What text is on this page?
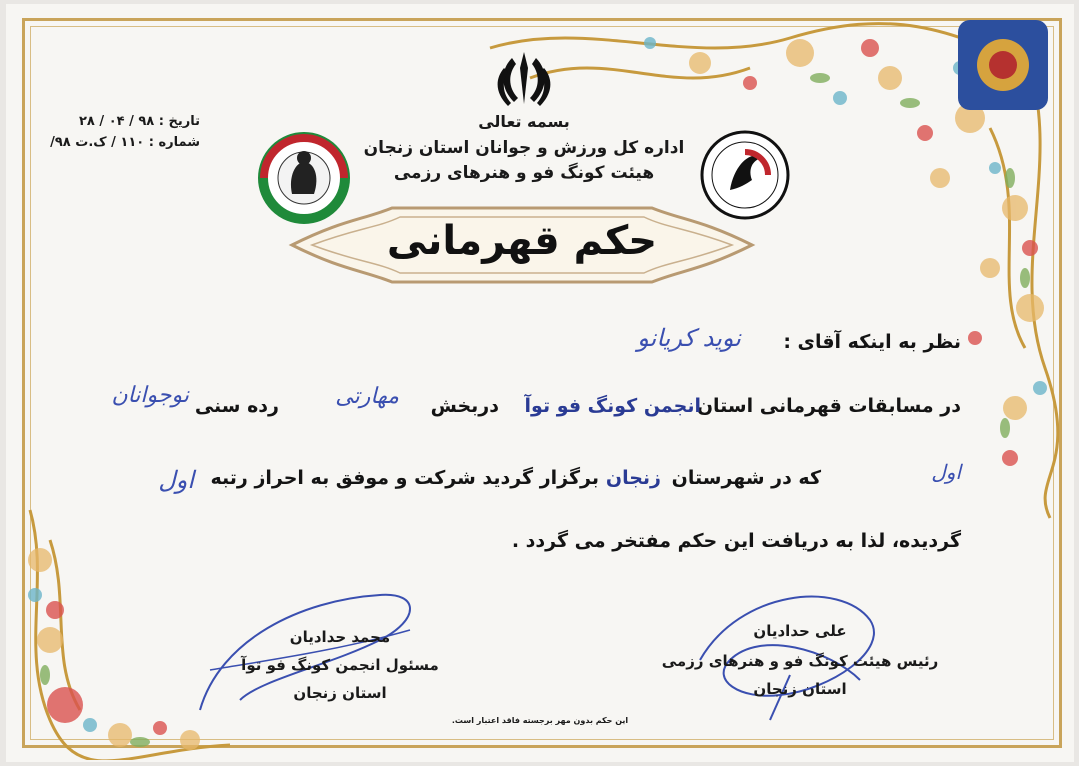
بسمه تعالی
اداره کل ورزش و جوانان استان زنجان
هیئت کونگ فو و هنرهای رزمی
تاریخ : ۹۸ / ۰۴ / ۲۸
شماره : ۱۱۰ / ک.ت ۹۸/
حکم قهرمانی
نظر به اینکه آقای :
نوید کریانو
در مسابقات قهرمانی استان
انجمن کونگ فو توآ
دربخش
مهارتی
رده سنی
نوجوانان
اول
که در شهرستان
زنجان
برگزار گردید شرکت و موفق به احراز رتبه
اول
گردیده، لذا به دریافت این حکم مفتخر می گردد .
علی حدادیان
رئیس هیئت کونگ فو و هنرهای رزمی
استان زنجان
محمد حدادیان
مسئول انجمن کونگ فو توآ
استان زنجان
این حکم بدون مهر برجسته فاقد اعتبار است.
